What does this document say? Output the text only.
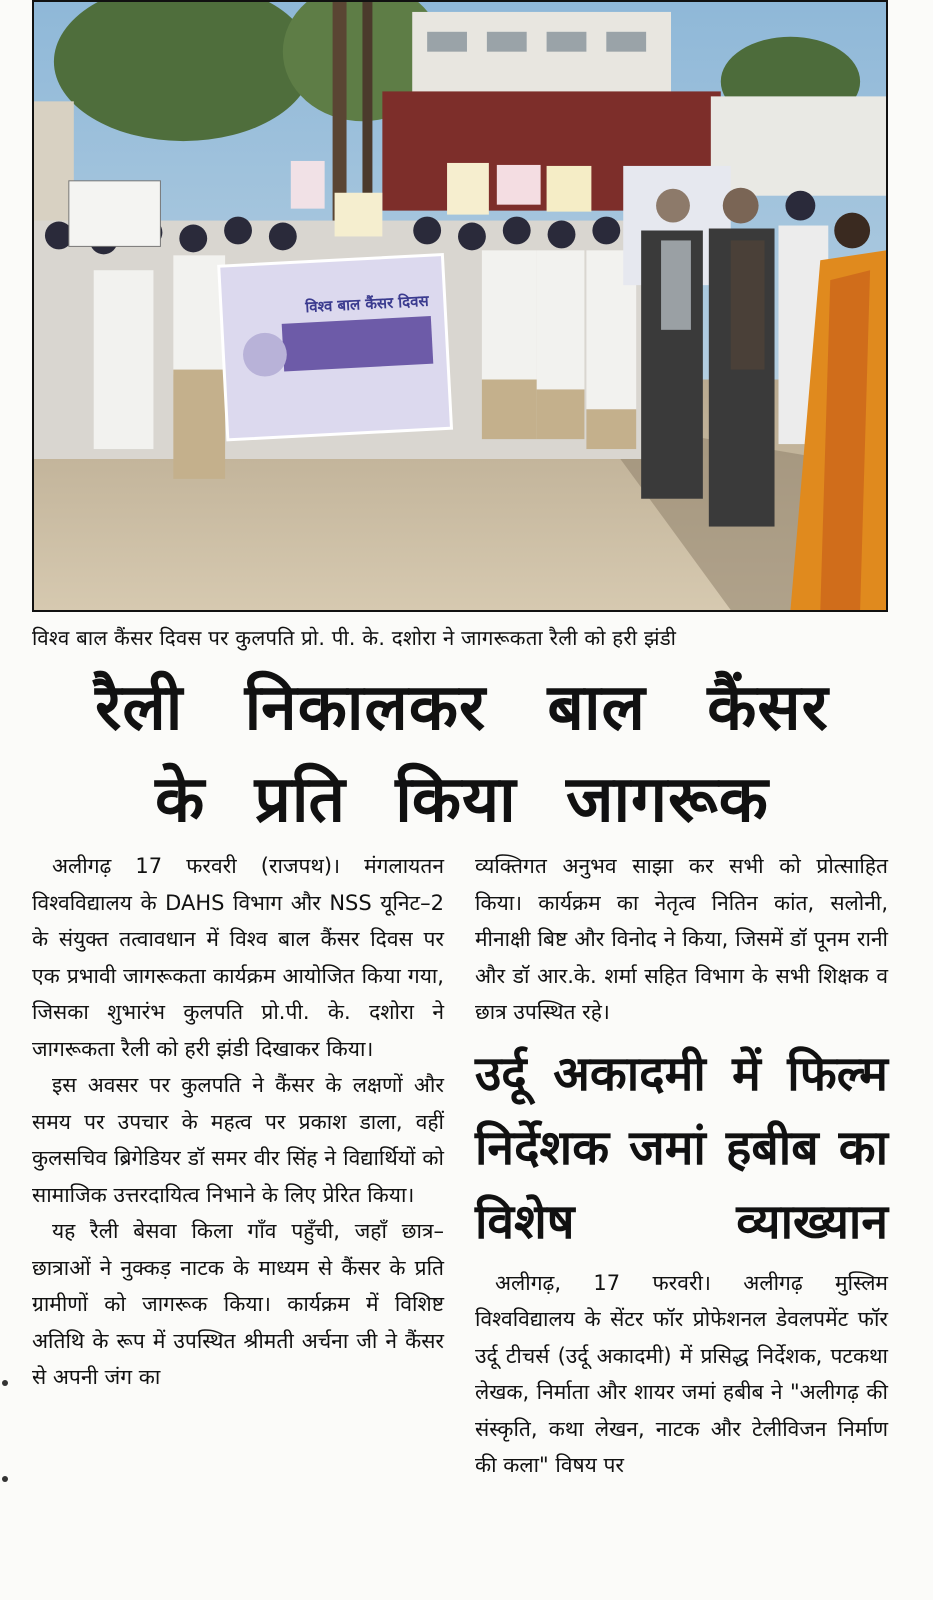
विश्व बाल कैंसर दिवस
विश्व बाल कैंसर दिवस पर कुलपति प्रो. पी. के. दशोरा ने जागरूकता रैली को हरी झंडी
रैली निकालकर बाल कैंसर
के प्रति किया जागरूक

अलीगढ़ 17 फरवरी (राजपथ)। मंगलायतन विश्वविद्यालय के DAHS विभाग और NSS यूनिट–2 के संयुक्त तत्वावधान में विश्व बाल कैंसर दिवस पर एक प्रभावी जागरूकता कार्यक्रम आयोजित किया गया, जिसका शुभारंभ कुलपति प्रो.पी. के. दशोरा ने जागरूकता रैली को हरी झंडी दिखाकर किया।

इस अवसर पर कुलपति ने कैंसर के लक्षणों और समय पर उपचार के महत्व पर प्रकाश डाला, वहीं कुलसचिव ब्रिगेडियर डॉ समर वीर सिंह ने विद्यार्थियों को सामाजिक उत्तरदायित्व निभाने के लिए प्रेरित किया।

यह रैली बेसवा किला गाँव पहुँची, जहाँ छात्र–छात्राओं ने नुक्कड़ नाटक के माध्यम से कैंसर के प्रति ग्रामीणों को जागरूक किया। कार्यक्रम में विशिष्ट अतिथि के रूप में उपस्थित श्रीमती अर्चना जी ने कैंसर से अपनी जंग का

व्यक्तिगत अनुभव साझा कर सभी को प्रोत्साहित किया। कार्यक्रम का नेतृत्व नितिन कांत, सलोनी, मीनाक्षी बिष्ट और विनोद ने किया, जिसमें डॉ पूनम रानी और डॉ आर.के. शर्मा सहित विभाग के सभी शिक्षक व छात्र उपस्थित रहे।

उर्दू अकादमी में फिल्म निर्देशक जमां हबीब का विशेष व्याख्यान

अलीगढ़, 17 फरवरी। अलीगढ़ मुस्लिम विश्वविद्यालय के सेंटर फॉर प्रोफेशनल डेवलपमेंट फॉर उर्दू टीचर्स (उर्दू अकादमी) में प्रसिद्ध निर्देशक, पटकथा लेखक, निर्माता और शायर जमां हबीब ने "अलीगढ़ की संस्कृति, कथा लेखन, नाटक और टेलीविजन निर्माण की कला" विषय पर
